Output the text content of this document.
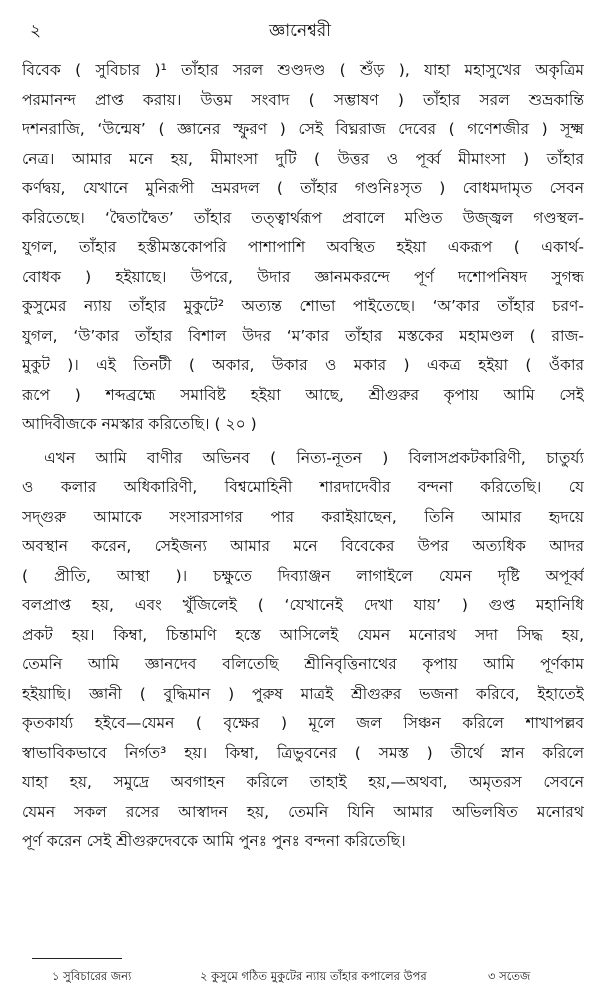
২	জ্ঞানেশ্বরী

বিবেক ( সুবিচার )¹ তাঁহার সরল শুণ্ডদণ্ড ( শুঁড় ), যাহা মহাসুখের অকৃত্রিম

পরমানন্দ প্রাপ্ত করায়। উত্তম সংবাদ ( সম্ভাষণ ) তাঁহার সরল শুভ্রকান্তি

দশনরাজি, ‘উন্মেষ’ ( জ্ঞানের স্ফুরণ ) সেই বিঘ্নরাজ দেবের ( গণেশজীর ) সূক্ষ্ম

নেত্র। আমার মনে হয়, মীমাংসা দুটি ( উত্তর ও পূর্ব্ব মীমাংসা ) তাঁহার

কর্ণদ্বয়, যেখানে মুনিরূপী ভ্রমরদল ( তাঁহার গণ্ডনিঃসৃত ) বোধমদামৃত সেবন

করিতেছে। ‘দ্বৈতাদ্বৈত’ তাঁহার তত্ত্বার্থরূপ প্রবালে মণ্ডিত উজ্জ্বল গণ্ডস্থল-

যুগল, তাঁহার হস্তীমস্তকোপরি পাশাপাশি অবস্থিত হইয়া একরূপ ( একার্থ-

বোধক ) হইয়াছে। উপরে, উদার জ্ঞানমকরন্দে পূর্ণ দশোপনিষদ সুগন্ধ

কুসুমের ন্যায় তাঁহার মুকুটে² অত্যন্ত শোভা পাইতেছে। ‘অ’কার তাঁহার চরণ-

যুগল, ‘উ’কার তাঁহার বিশাল উদর ‘ম’কার তাঁহার মস্তকের মহামণ্ডল ( রাজ-

মুকুট )। এই তিনটী ( অকার, উকার ও মকার ) একত্র হইয়া ( ওঁকার

রূপে ) শব্দব্রহ্মে সমাবিষ্ট হইয়া আছে, শ্রীগুরুর কৃপায় আমি সেই

আদিবীজকে নমস্কার করিতেছি। ( ২০ )

এখন আমি বাণীর অভিনব ( নিত্য-নূতন ) বিলাসপ্রকটকারিণী, চাতুর্য্য

ও কলার অধিকারিণী, বিশ্বমোহিনী শারদাদেবীর বন্দনা করিতেছি। যে

সদ্গুরু আমাকে সংসারসাগর পার করাইয়াছেন, তিনি আমার হৃদয়ে

অবস্থান করেন, সেইজন্য আমার মনে বিবেকের উপর অত্যধিক আদর

( প্রীতি, আস্থা )। চক্ষুতে দিব্যাঞ্জন লাগাইলে যেমন দৃষ্টি অপূর্ব্ব

বলপ্রাপ্ত হয়, এবং খুঁজিলেই ( ‘যেখানেই দেখা যায়’ ) গুপ্ত মহানিধি

প্রকট হয়। কিম্বা, চিন্তামণি হস্তে আসিলেই যেমন মনোরথ সদা সিদ্ধ হয়,

তেমনি আমি জ্ঞানদেব বলিতেছি শ্রীনিবৃত্তিনাথের কৃপায় আমি পূর্ণকাম

হইয়াছি। জ্ঞানী ( বুদ্ধিমান ) পুরুষ মাত্রই শ্রীগুরুর ভজনা করিবে, ইহাতেই

কৃতকার্য্য হইবে—যেমন ( বৃক্ষের ) মূলে জল সিঞ্চন করিলে শাখাপল্লব

স্বাভাবিকভাবে নির্গত³ হয়। কিম্বা, ত্রিভুবনের ( সমস্ত ) তীর্থে স্নান করিলে

যাহা হয়, সমুদ্রে অবগাহন করিলে তাহাই হয়,—অথবা, অমৃতরস সেবনে

যেমন সকল রসের আস্বাদন হয়, তেমনি যিনি আমার অভিলষিত মনোরথ

পূর্ণ করেন সেই শ্রীগুরুদেবকে আমি পুনঃ পুনঃ বন্দনা করিতেছি।

১ সুবিচারের জন্য	২ কুসুমে গঠিত মুকুটের ন্যায় তাঁহার কপালের উপর	৩ সতেজ
